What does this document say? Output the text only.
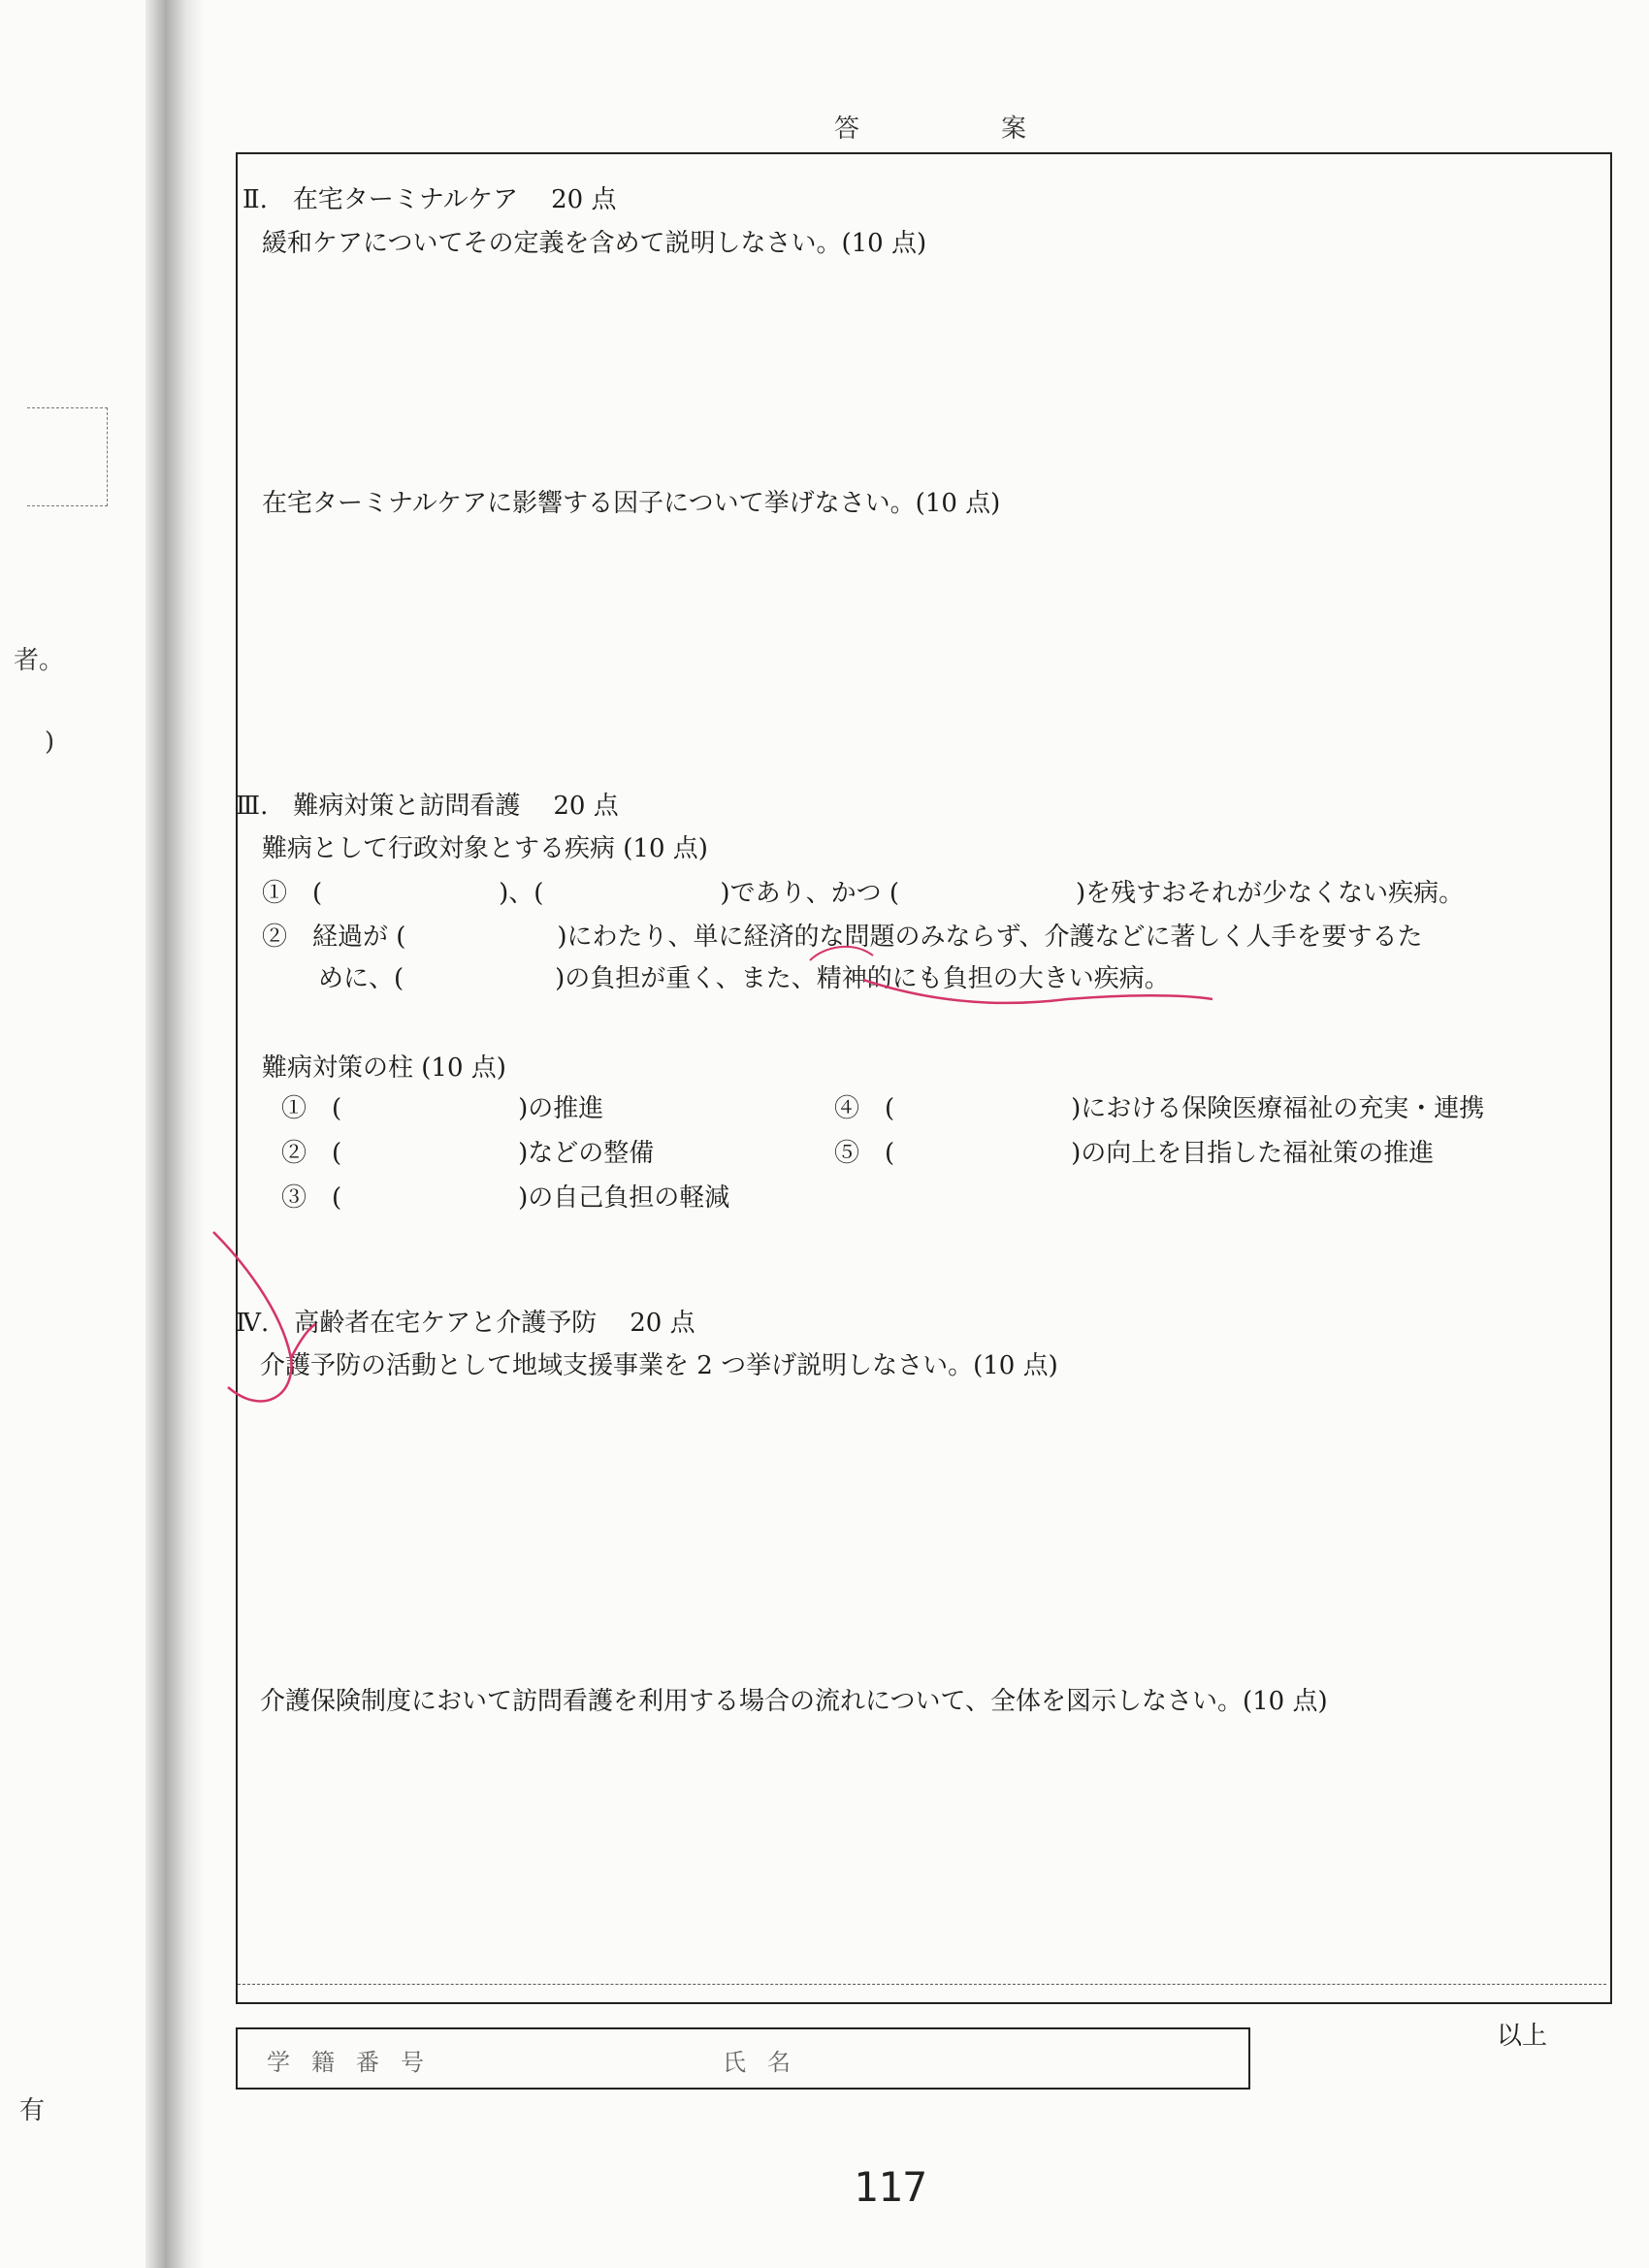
者。
)
有
答　案
Ⅱ.　在宅ターミナルケア 20 点
緩和ケアについてその定義を含めて説明しなさい。(10 点)
在宅ターミナルケアに影響する因子について挙げなさい。(10 点)
Ⅲ.　難病対策と訪問看護 20 点
難病として行政対象とする疾病 (10 点)
①　(　　　　　　　)、(　　　　　　　)であり、かつ (　　　　　　　)を残すおそれが少なくない疾病。
②　経過が (　　　　　　)にわたり、単に経済的な問題のみならず、介護などに著しく人手を要するた
めに、(　　　　　　)の負担が重く、また、精神的にも負担の大きい疾病。
難病対策の柱 (10 点)
①　(　　　　　　　)の推進
②　(　　　　　　　)などの整備
③　(　　　　　　　)の自己負担の軽減
④　(　　　　　　　)における保険医療福祉の充実・連携
⑤　(　　　　　　　)の向上を目指した福祉策の推進
Ⅳ.　高齢者在宅ケアと介護予防 20 点
介護予防の活動として地域支援事業を 2 つ挙げ説明しなさい。(10 点)
介護保険制度において訪問看護を利用する場合の流れについて、全体を図示しなさい。(10 点)
学籍番号	氏名
以上
117
